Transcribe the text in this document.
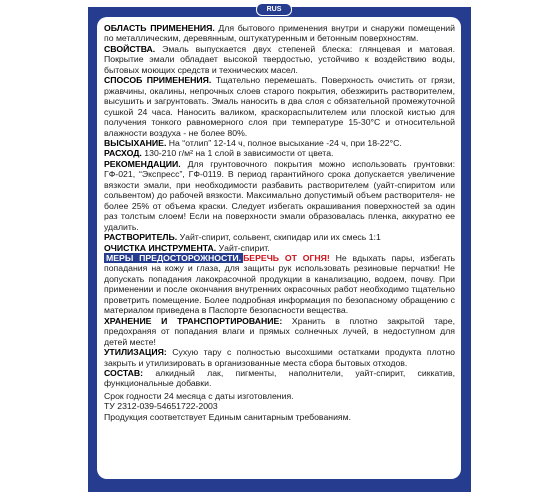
RUS

ОБЛАСТЬ ПРИМЕНЕНИЯ. Для бытового применения внутри и снаружи помещений по металлическим, деревянным, оштукатуренным и бетонным поверхностям.

СВОЙСТВА. Эмаль выпускается двух степеней блеска: глянцевая и матовая. Покрытие эмали обладает высокой твердостью, устойчиво к воздействию воды, бытовых моющих средств и технических масел.

СПОСОБ ПРИМЕНЕНИЯ. Тщательно перемешать. Поверхность очистить от грязи, ржавчины, окалины, непрочных слоев старого покрытия, обезжирить растворителем, высушить и загрунтовать. Эмаль наносить в два слоя с обязательной промежуточной сушкой 24 часа. Наносить валиком, краскораспылителем или плоской кистью для получения тонкого равномерного слоя при температуре 15-30°С и относительной влажности воздуха - не более 80%.

ВЫСЫХАНИЕ. На “отлип” 12-14 ч, полное высыхание -24 ч, при 18-22°С.

РАСХОД. 130-210 г/м² на 1 слой в зависимости от цвета.

РЕКОМЕНДАЦИИ. Для грунтовочного покрытия можно использовать грунтовки: ГФ-021, “Экспресс”, ГФ-0119. В период гарантийного срока допускается увеличение вязкости эмали, при необходимости разбавить растворителем (уайт-спиритом или сольвентом) до рабочей вязкости. Максимально допустимый объем растворителя- не более 25% от объема краски. Следует избегать окрашивания поверхностей за один раз толстым слоем! Если на поверхности эмали образовалась пленка, аккуратно ее удалить.

РАСТВОРИТЕЛЬ. Уайт-спирит, сольвент, скипидар или их смесь 1:1

ОЧИСТКА ИНСТРУМЕНТА. Уайт-спирит.

МЕРЫ ПРЕДОСТОРОЖНОСТИ. БЕРЕЧЬ ОТ ОГНЯ! Не вдыхать пары, избегать попадания на кожу и глаза, для защиты рук использовать резиновые перчатки! Не допускать попадания лакокрасочной продукции в канализацию, водоем, почву. При применении и после окончания внутренних окрасочных работ необходимо тщательно проветрить помещение. Более подробная информация по безопасному обращению с материалом приведена в Паспорте безопасности вещества.

ХРАНЕНИЕ И ТРАНСПОРТИРОВАНИЕ: Хранить в плотно закрытой таре, предохраняя от попадания влаги и прямых солнечных лучей, в недоступном для детей месте!

УТИЛИЗАЦИЯ: Сухую тару с полностью высохшими остатками продукта плотно закрыть и утилизировать в организованные места сбора бытовых отходов.

СОСТАВ: алкидный лак, пигменты, наполнители, уайт-спирит, сиккатив, функциональные добавки.

Срок годности 24 месяца с даты изготовления.
ТУ 2312-039-54651722-2003
Продукция соответствует Единым санитарным требованиям.
